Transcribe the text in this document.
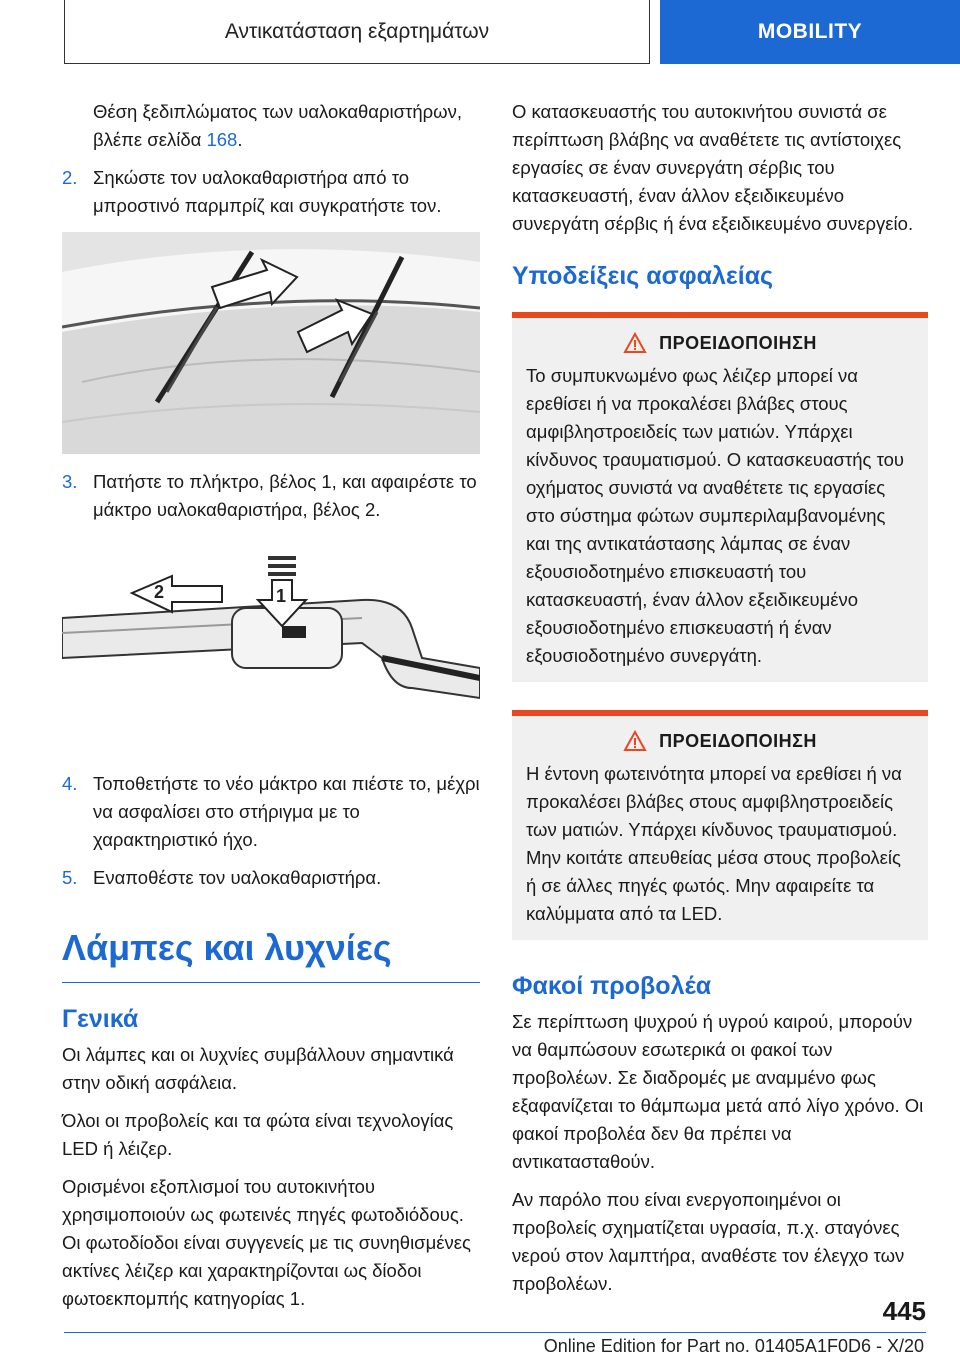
Αντικατάσταση εξαρτημάτων	MOBILITY

Θέση ξεδιπλώματος των υαλοκαθαριστήρων,
βλέπε σελίδα 168.

2. Σηκώστε τον υαλοκαθαριστήρα από το μπροστινό παρμπρίζ και συγκρατήστε τον.
3. Πατήστε το πλήκτρο, βέλος 1, και αφαιρέστε το μάκτρο υαλοκαθαριστήρα, βέλος 2.
2	1
4. Τοποθετήστε το νέο μάκτρο και πιέστε το, μέχρι να ασφαλίσει στο στήριγμα με το χαρακτηριστικό ήχο.
5. Εναποθέστε τον υαλοκαθαριστήρα.
Λάμπες και λυχνίες
Γενικά

Οι λάμπες και οι λυχνίες συμβάλλουν σημαντικά στην οδική ασφάλεια.

Όλοι οι προβολείς και τα φώτα είναι τεχνολογίας LED ή λέιζερ.

Ορισμένοι εξοπλισμοί του αυτοκινήτου χρησιμοποιούν ως φωτεινές πηγές φωτοδιόδους. Οι φωτοδίοδοι είναι συγγενείς με τις συνηθισμένες ακτίνες λέιζερ και χαρακτηρίζονται ως δίοδοι φωτοεκπομπής κατηγορίας 1.

Ο κατασκευαστής του αυτοκινήτου συνιστά σε περίπτωση βλάβης να αναθέτετε τις αντίστοιχες εργασίες σε έναν συνεργάτη σέρβις του κατασκευαστή, έναν άλλον εξειδικευμένο συνεργάτη σέρβις ή ένα εξειδικευμένο συνεργείο.

Υποδείξεις ασφαλείας
ΠΡΟΕΙΔΟΠΟΙΗΣΗ

Το συμπυκνωμένο φως λέιζερ μπορεί να ερεθίσει ή να προκαλέσει βλάβες στους αμφιβληστροειδείς των ματιών. Υπάρχει κίνδυνος τραυματισμού. Ο κατασκευαστής του οχήματος συνιστά να αναθέτετε τις εργασίες στο σύστημα φώτων συμπεριλαμβανομένης και της αντικατάστασης λάμπας σε έναν εξουσιοδοτημένο επισκευαστή του κατασκευαστή, έναν άλλον εξειδικευμένο εξουσιοδοτημένο επισκευαστή ή έναν εξουσιοδοτημένο συνεργάτη.

ΠΡΟΕΙΔΟΠΟΙΗΣΗ

Η έντονη φωτεινότητα μπορεί να ερεθίσει ή να προκαλέσει βλάβες στους αμφιβληστροειδείς των ματιών. Υπάρχει κίνδυνος τραυματισμού. Μην κοιτάτε απευθείας μέσα στους προβολείς ή σε άλλες πηγές φωτός. Μην αφαιρείτε τα καλύμματα από τα LED.

Φακοί προβολέα

Σε περίπτωση ψυχρού ή υγρού καιρού, μπορούν να θαμπώσουν εσωτερικά οι φακοί των προβολέων. Σε διαδρομές με αναμμένο φως εξαφανίζεται το θάμπωμα μετά από λίγο χρόνο. Οι φακοί προβολέα δεν θα πρέπει να αντικατασταθούν.

Αν παρόλο που είναι ενεργοποιημένοι οι προβολείς σχηματίζεται υγρασία, π.χ. σταγόνες νερού στον λαμπτήρα, αναθέστε τον έλεγχο των προβολέων.

445
Online Edition for Part no. 01405A1F0D6 - X/20
